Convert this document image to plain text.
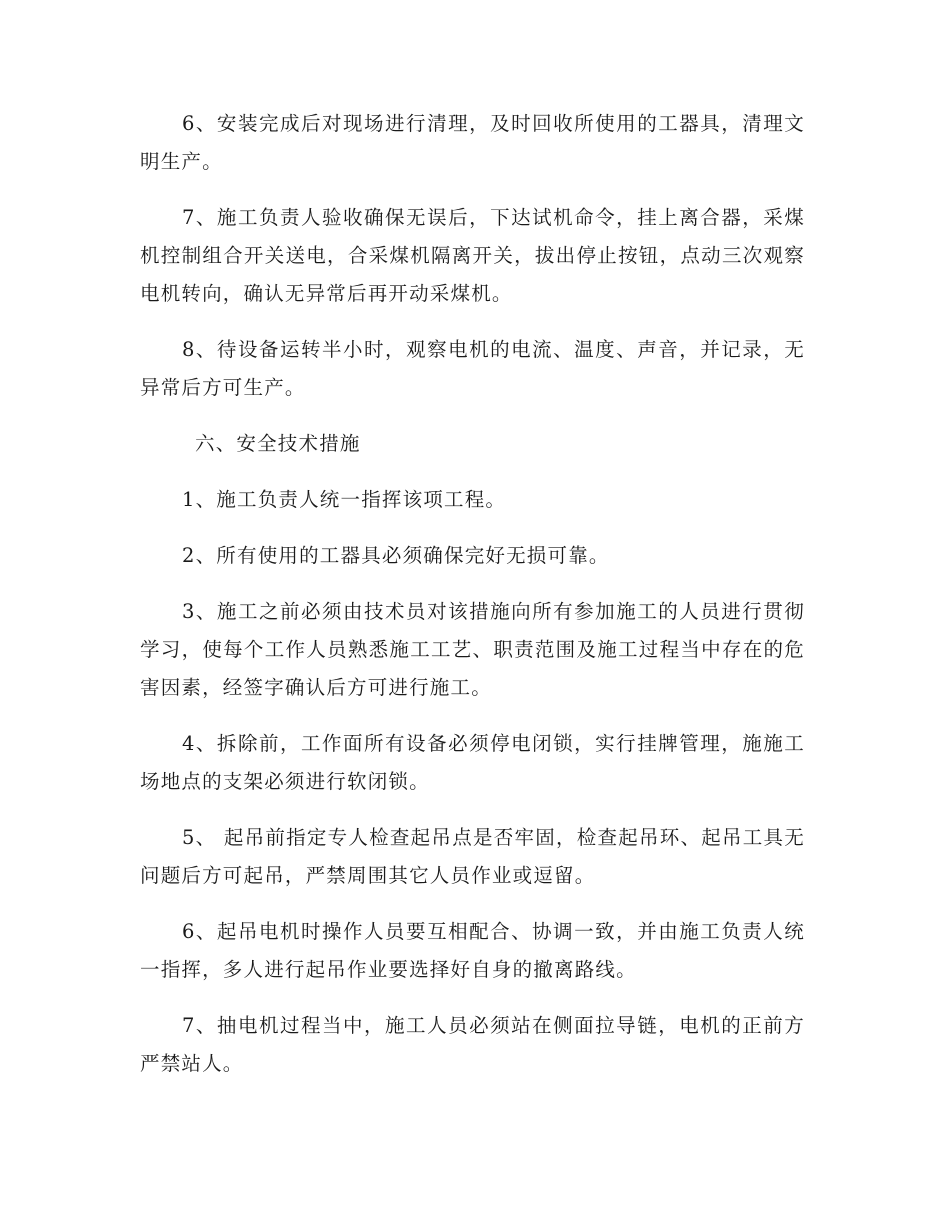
6、安装完成后对现场进行清理，及时回收所使用的工器具，清理文明生产。

7、施工负责人验收确保无误后，下达试机命令，挂上离合器，采煤机控制组合开关送电，合采煤机隔离开关，拔出停止按钮，点动三次观察电机转向，确认无异常后再开动采煤机。

8、待设备运转半小时，观察电机的电流、温度、声音，并记录，无异常后方可生产。

六、安全技术措施

1、施工负责人统一指挥该项工程。

2、所有使用的工器具必须确保完好无损可靠。

3、施工之前必须由技术员对该措施向所有参加施工的人员进行贯彻学习，使每个工作人员熟悉施工工艺、职责范围及施工过程当中存在的危害因素，经签字确认后方可进行施工。

4、拆除前，工作面所有设备必须停电闭锁，实行挂牌管理，施施工场地点的支架必须进行软闭锁。

5、 起吊前指定专人检查起吊点是否牢固，检查起吊环、起吊工具无问题后方可起吊，严禁周围其它人员作业或逗留。

6、起吊电机时操作人员要互相配合、协调一致，并由施工负责人统一指挥，多人进行起吊作业要选择好自身的撤离路线。

7、抽电机过程当中，施工人员必须站在侧面拉导链，电机的正前方严禁站人。
